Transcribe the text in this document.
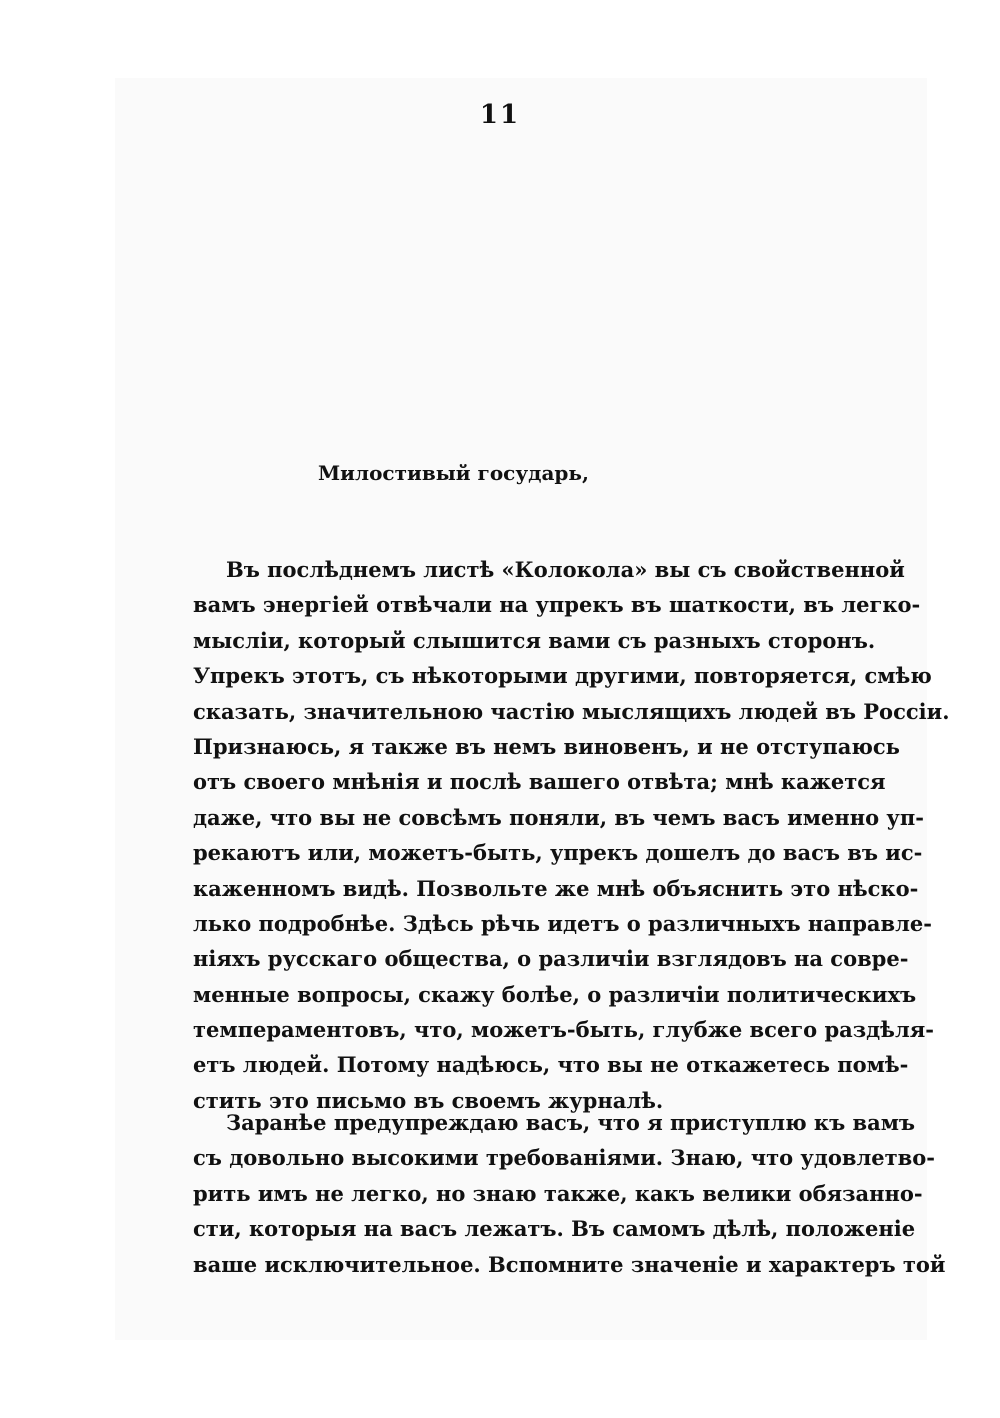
11
Милостивый государь,
Въ послѣднемъ листѣ «Колокола» вы съ свойственной
вамъ энергіей отвѣчали на упрекъ въ шаткости, въ легко-
мысліи, который слышится вами съ разныхъ сторонъ.
Упрекъ этотъ, съ нѣкоторыми другими, повторяется, смѣю
сказать, значительною частію мыслящихъ людей въ Россіи.
Признаюсь, я также въ немъ виновенъ, и не отступаюсь
отъ своего мнѣнія и послѣ вашего отвѣта; мнѣ кажется
даже, что вы не совсѣмъ поняли, въ чемъ васъ именно уп-
рекаютъ или, можетъ-быть, упрекъ дошелъ до васъ въ ис-
каженномъ видѣ. Позвольте же мнѣ объяснить это нѣско-
лько подробнѣе. Здѣсь рѣчь идетъ о различныхъ направле-
ніяхъ русскаго общества, о различіи взглядовъ на совре-
менные вопросы, скажу болѣе, о различіи политическихъ
темпераментовъ, что, можетъ-быть, глубже всего раздѣля-
етъ людей. Потому надѣюсь, что вы не откажетесь помѣ-
стить это письмо въ своемъ журналѣ.
Заранѣе предупреждаю васъ, что я приступлю къ вамъ
съ довольно высокими требованіями. Знаю, что удовлетво-
рить имъ не легко, но знаю также, какъ велики обязанно-
сти, которыя на васъ лежатъ. Въ самомъ дѣлѣ, положеніе
ваше исключительное. Вспомните значеніе и характеръ той
